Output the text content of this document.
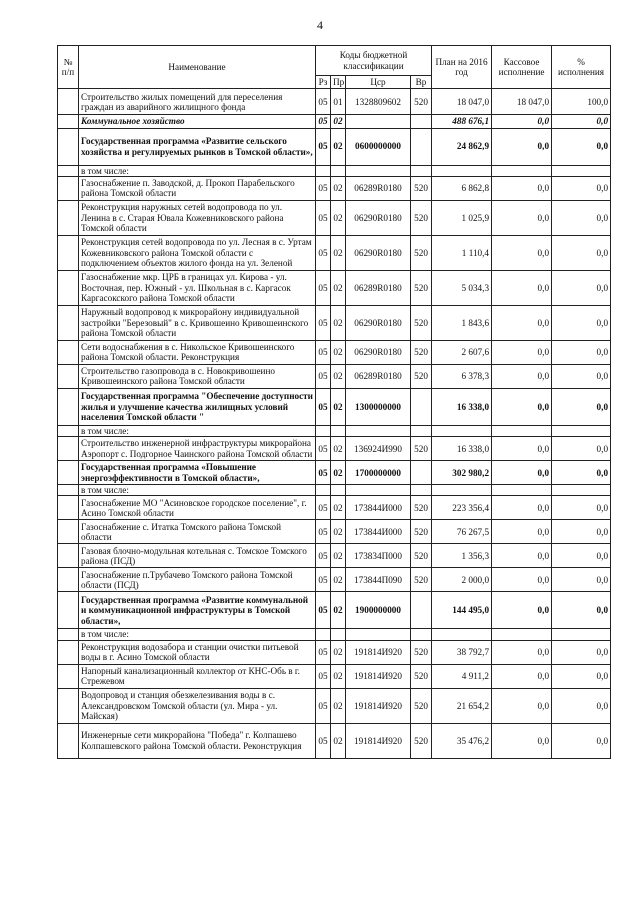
4
№ п/п	Наименование	Коды бюджетной классификации				План на 2016 год	Кассовое исполнение	% исполнения
		Рз	Пр	Цср	Вр			
	Строительство жилых помещений для переселения граждан из аварийного жилищного фонда	05	01	1328809602	520	18 047,0	18 047,0	100,0
	Коммунальное хозяйство	05	02			488 676,1	0,0	0,0
	Государственная программа «Развитие сельского хозяйства и регулируемых рынков в Томской области»,	05	02	0600000000		24 862,9	0,0	0,0
	в том числе:							
	Газоснабжение п. Заводской, д. Прокоп Парабельского района Томской области	05	02	06289R0180	520	6 862,8	0,0	0,0
	Реконструкция наружных сетей водопровода по ул. Ленина в с. Старая Ювала Кожевниковского района Томской области	05	02	06290R0180	520	1 025,9	0,0	0,0
	Реконструкция сетей водопровода по ул. Лесная в с. Уртам Кожевниковского района Томской области с подключением объектов жилого фонда на ул. Зеленой	05	02	06290R0180	520	1 110,4	0,0	0,0
	Газоснабжение мкр. ЦРБ в границах ул. Кирова - ул. Восточная, пер. Южный - ул. Школьная в с. Каргасок Каргасокского района Томской области	05	02	06289R0180	520	5 034,3	0,0	0,0
	Наружный водопровод к микрорайону индивидуальной застройки "Березовый" в с. Кривошеино Кривошеинского района Томской области	05	02	06290R0180	520	1 843,6	0,0	0,0
	Сети водоснабжения в с. Никольское Кривошеинского района Томской области. Реконструкция	05	02	06290R0180	520	2 607,6	0,0	0,0
	Строительство газопровода в с. Новокривошеино Кривошеинского района Томской области	05	02	06289R0180	520	6 378,3	0,0	0,0
	Государственная программа "Обеспечение доступности жилья и улучшение качества жилищных условий населения Томской области "	05	02	1300000000		16 338,0	0,0	0,0
	в том числе:							
	Строительство инженерной инфраструктуры микрорайона Аэропорт с. Подгорное Чаинского района Томской области	05	02	136924И990	520	16 338,0	0,0	0,0
	Государственная программа «Повышение энергоэффективности в Томской области»,	05	02	1700000000		302 980,2	0,0	0,0
	в том числе:							
	Газоснабжение МО "Асиновское городское поселение", г. Асино Томской области	05	02	173844И000	520	223 356,4	0,0	0,0
	Газоснабжение с. Итатка Томского района Томской области	05	02	173844И000	520	76 267,5	0,0	0,0
	Газовая блочно-модульная котельная с. Томское Томского района (ПСД)	05	02	173834П000	520	1 356,3	0,0	0,0
	Газоснабжение п.Трубачево Томского района Томской области (ПСД)	05	02	173844П090	520	2 000,0	0,0	0,0
	Государственная программа «Развитие коммунальной и коммуникационной инфраструктуры в Томской области»,	05	02	1900000000		144 495,0	0,0	0,0
	в том числе:							
	Реконструкция водозабора и станции очистки питьевой воды в г. Асино Томской области	05	02	191814И920	520	38 792,7	0,0	0,0
	Напорный канализационный коллектор от КНС-Обь в г. Стрежевом	05	02	191814И920	520	4 911,2	0,0	0,0
	Водопровод и станция обезжелезивания воды в с. Александровском Томской области (ул. Мира - ул. Майская)	05	02	191814И920	520	21 654,2	0,0	0,0
	Инженерные сети микрорайона "Победа" г. Колпашево Колпашевского района Томской области. Реконструкция	05	02	191814И920	520	35 476,2	0,0	0,0
